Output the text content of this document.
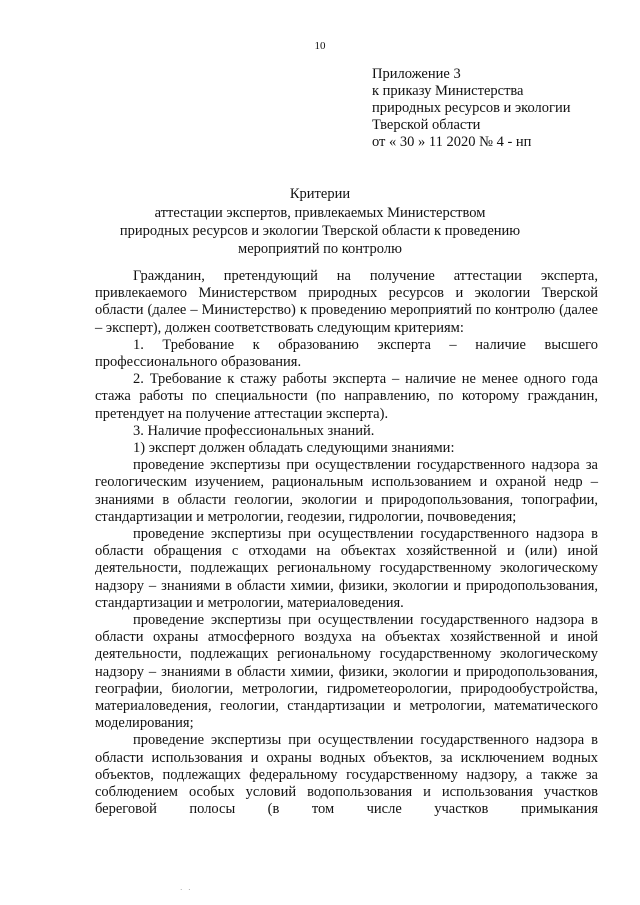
10
Приложение 3
к приказу Министерства
природных ресурсов и экологии
Тверской области
от « 30 » 11 2020 № 4 - нп
Критерии
аттестации экспертов, привлекаемых Министерством
природных ресурсов и экологии Тверской области к проведению
мероприятий по контролю

Гражданин, претендующий на получение аттестации эксперта, привлекаемого Министерством природных ресурсов и экологии Тверской области (далее – Министерство) к проведению мероприятий по контролю (далее – эксперт), должен соответствовать следующим критериям:

1. Требование к образованию эксперта – наличие высшего профессионального образования.

2. Требование к стажу работы эксперта – наличие не менее одного года стажа работы по специальности (по направлению, по которому гражданин, претендует на получение аттестации эксперта).

3. Наличие профессиональных знаний.

1) эксперт должен обладать следующими знаниями:

проведение экспертизы при осуществлении государственного надзора за геологическим изучением, рациональным использованием и охраной недр – знаниями в области геологии, экологии и природопользования, топографии, стандартизации и метрологии, геодезии, гидрологии, почвоведения;

проведение экспертизы при осуществлении государственного надзора в области обращения с отходами на объектах хозяйственной и (или) иной деятельности, подлежащих региональному государственному экологическому надзору – знаниями в области химии, физики, экологии и природопользования, стандартизации и метрологии, материаловедения.

проведение экспертизы при осуществлении государственного надзора в области охраны атмосферного воздуха на объектах хозяйственной и иной деятельности, подлежащих региональному государственному экологическому надзору – знаниями в области химии, физики, экологии и природопользования, географии, биологии, метрологии, гидрометеорологии, природообустройства, материаловедения, геологии, стандартизации и метрологии, математического моделирования;

проведение экспертизы при осуществлении государственного надзора в области использования и охраны водных объектов, за исключением водных объектов, подлежащих федеральному государственному надзору, а также за соблюдением особых условий водопользования и использования участков береговой полосы (в том числе участков примыкания

· ·
